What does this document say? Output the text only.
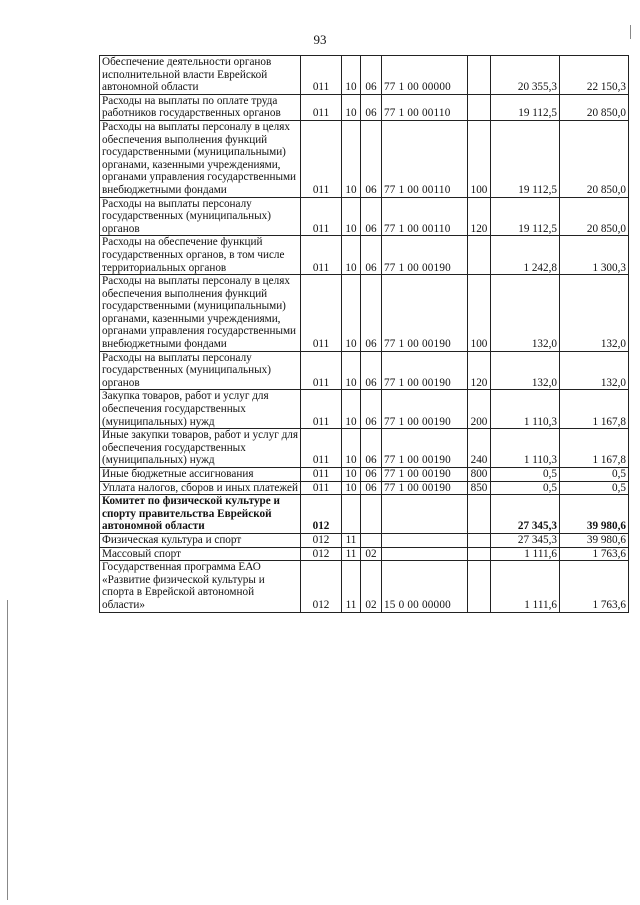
93
Обеспечение деятельности органов исполнительной власти Еврейской автономной области	011	10	06	77 1 00 00000		20 355,3	22 150,3
Расходы на выплаты по оплате труда работников государственных органов	011	10	06	77 1 00 00110		19 112,5	20 850,0
Расходы на выплаты персоналу в целях обеспечения выполнения функций государственными (муниципальными) органами, казенными учреждениями, органами управления государственными внебюджетными фондами	011	10	06	77 1 00 00110	100	19 112,5	20 850,0
Расходы на выплаты персоналу государственных (муниципальных) органов	011	10	06	77 1 00 00110	120	19 112,5	20 850,0
Расходы на обеспечение функций государственных органов, в том числе территориальных органов	011	10	06	77 1 00 00190		1 242,8	1 300,3
Расходы на выплаты персоналу в целях обеспечения выполнения функций государственными (муниципальными) органами, казенными учреждениями, органами управления государственными внебюджетными фондами	011	10	06	77 1 00 00190	100	132,0	132,0
Расходы на выплаты персоналу государственных (муниципальных) органов	011	10	06	77 1 00 00190	120	132,0	132,0
Закупка товаров, работ и услуг для обеспечения государственных (муниципальных) нужд	011	10	06	77 1 00 00190	200	1 110,3	1 167,8
Иные закупки товаров, работ и услуг для обеспечения государственных (муниципальных) нужд	011	10	06	77 1 00 00190	240	1 110,3	1 167,8
Иные бюджетные ассигнования	011	10	06	77 1 00 00190	800	0,5	0,5
Уплата налогов, сборов и иных платежей	011	10	06	77 1 00 00190	850	0,5	0,5
Комитет по физической культуре и спорту правительства Еврейской автономной области	012					27 345,3	39 980,6
Физическая культура и спорт	012	11				27 345,3	39 980,6
Массовый спорт	012	11	02			1 111,6	1 763,6
Государственная программа ЕАО «Развитие физической культуры и спорта в Еврейской автономной области»	012	11	02	15 0 00 00000		1 111,6	1 763,6
